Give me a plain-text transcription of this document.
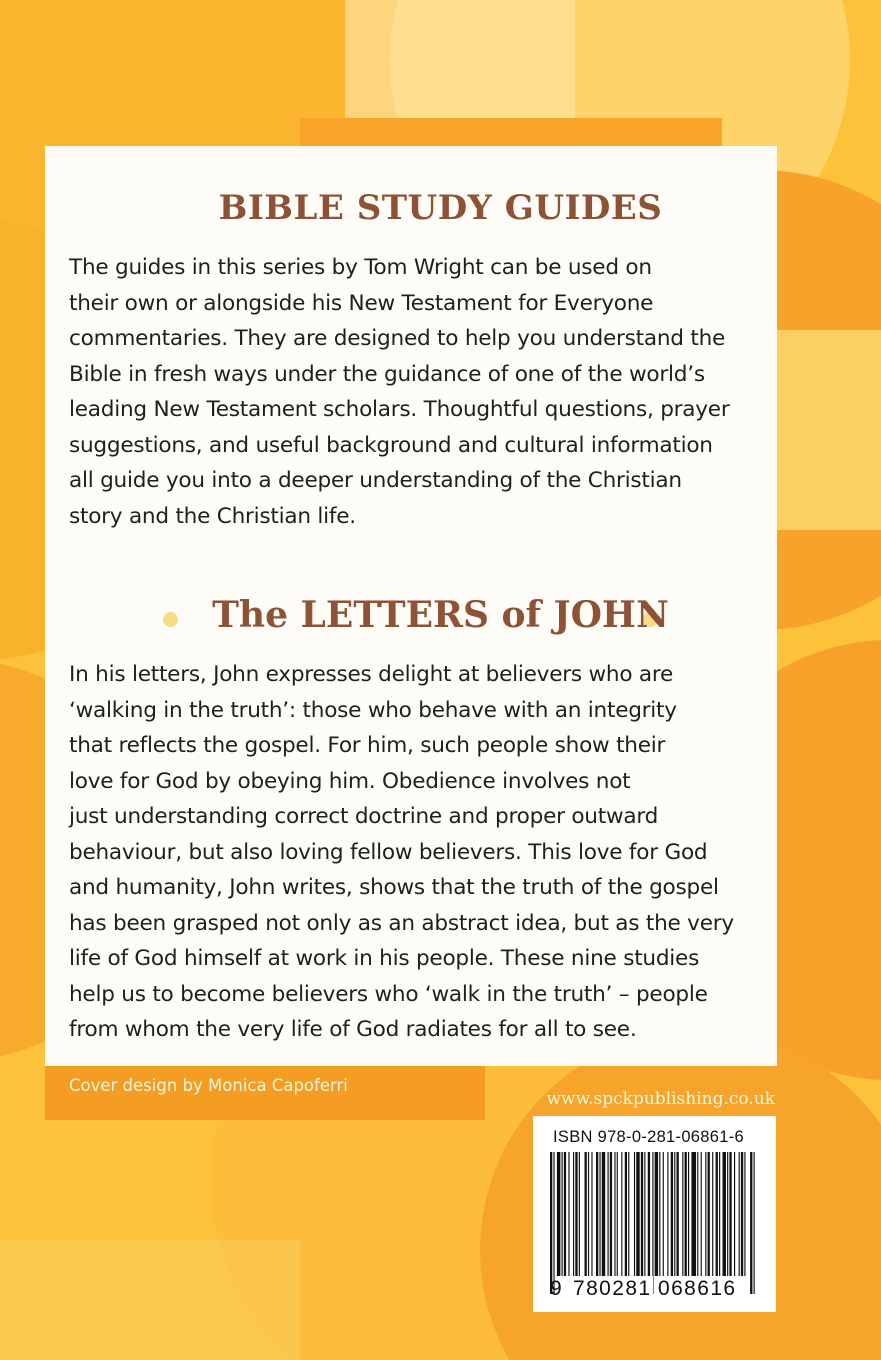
BIBLE STUDY GUIDES

The guides in this series by Tom Wright can be used on
their own or alongside his New Testament for Everyone
commentaries. They are designed to help you understand the
Bible in fresh ways under the guidance of one of the world’s
leading New Testament scholars. Thoughtful questions, prayer
suggestions, and useful background and cultural information
all guide you into a deeper understanding of the Christian
story and the Christian life.

The LETTERS of JOHN

In his letters, John expresses delight at believers who are
‘walking in the truth’: those who behave with an integrity
that reflects the gospel. For him, such people show their
love for God by obeying him. Obedience involves not
just understanding correct doctrine and proper outward
behaviour, but also loving fellow believers. This love for God
and humanity, John writes, shows that the truth of the gospel
has been grasped not only as an abstract idea, but as the very
life of God himself at work in his people. These nine studies
help us to become believers who ‘walk in the truth’ – people
from whom the very life of God radiates for all to see.

Cover design by Monica Capoferri

www.spckpublishing.co.uk

ISBN 978-0-281-06861-6

9 780281 068616
